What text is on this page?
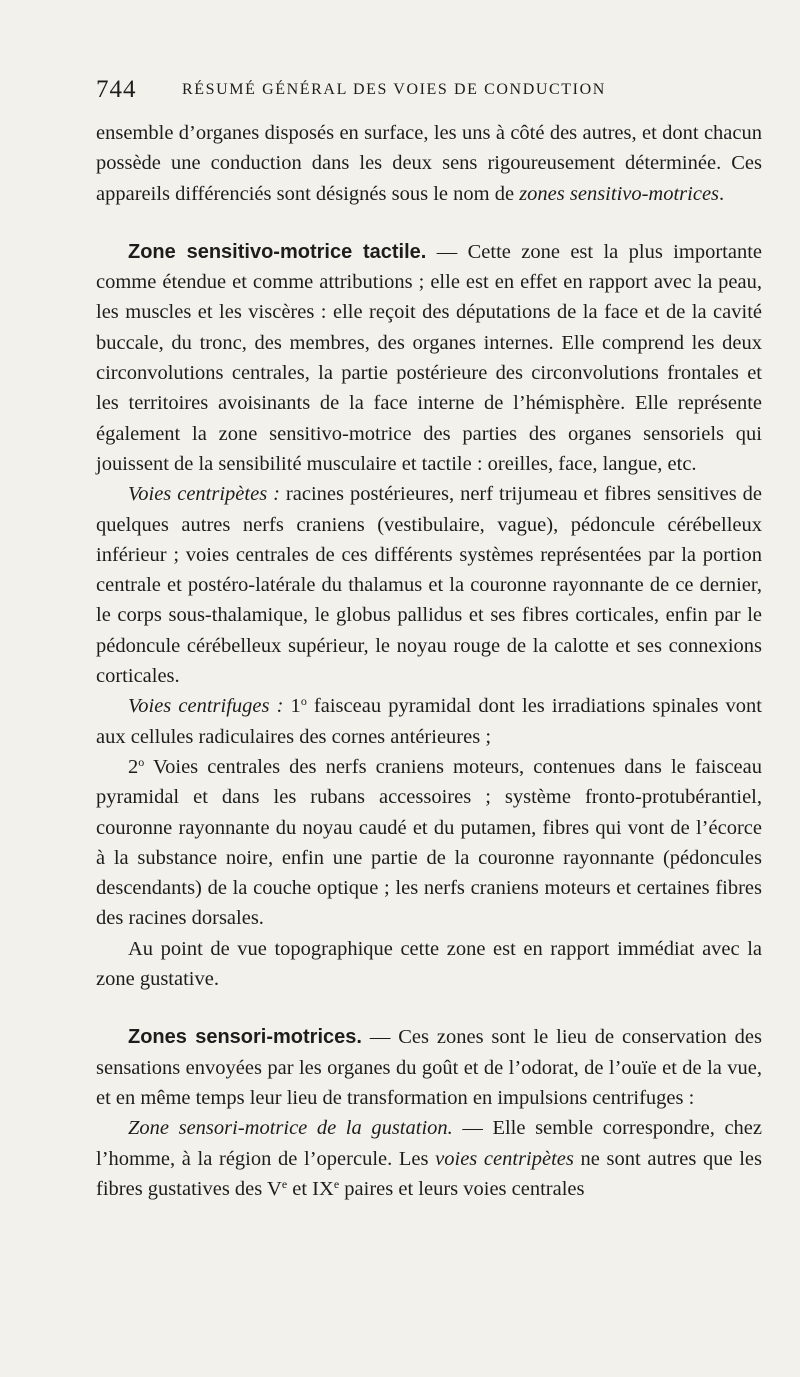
744	RÉSUMÉ GÉNÉRAL DES VOIES DE CONDUCTION

ensemble d’organes disposés en surface, les uns à côté des autres, et dont chacun possède une conduction dans les deux sens rigoureusement déterminée. Ces appareils différenciés sont désignés sous le nom de zones sensitivo-motrices.

Zone sensitivo-motrice tactile. — Cette zone est la plus importante comme étendue et comme attributions ; elle est en effet en rapport avec la peau, les muscles et les viscères : elle reçoit des députations de la face et de la cavité buccale, du tronc, des membres, des organes internes. Elle comprend les deux circonvolutions centrales, la partie postérieure des circonvolutions frontales et les territoires avoisinants de la face interne de l’hémisphère. Elle représente également la zone sensitivo-motrice des parties des organes sensoriels qui jouissent de la sensibilité musculaire et tactile : oreilles, face, langue, etc.

Voies centripètes : racines postérieures, nerf trijumeau et fibres sensitives de quelques autres nerfs craniens (vestibulaire, vague), pédoncule cérébelleux inférieur ; voies centrales de ces différents systèmes représentées par la portion centrale et postéro-latérale du thalamus et la couronne rayonnante de ce dernier, le corps sous-thalamique, le globus pallidus et ses fibres corticales, enfin par le pédoncule cérébelleux supérieur, le noyau rouge de la calotte et ses connexions corticales.

Voies centrifuges : 1$^o$ faisceau pyramidal dont les irradiations spinales vont aux cellules radiculaires des cornes antérieures ;

2$^o$ Voies centrales des nerfs craniens moteurs, contenues dans le faisceau pyramidal et dans les rubans accessoires ; système fronto-protubérantiel, couronne rayonnante du noyau caudé et du putamen, fibres qui vont de l’écorce à la substance noire, enfin une partie de la couronne rayonnante (pédoncules descendants) de la couche optique ; les nerfs craniens moteurs et certaines fibres des racines dorsales.

Au point de vue topographique cette zone est en rapport immédiat avec la zone gustative.

Zones sensori-motrices. — Ces zones sont le lieu de conservation des sensations envoyées par les organes du goût et de l’odorat, de l’ouïe et de la vue, et en même temps leur lieu de transformation en impulsions centrifuges :

Zone sensori-motrice de la gustation. — Elle semble correspondre, chez l’homme, à la région de l’opercule. Les voies centripètes ne sont autres que les fibres gustatives des Ve et IXe paires et leurs voies centrales
